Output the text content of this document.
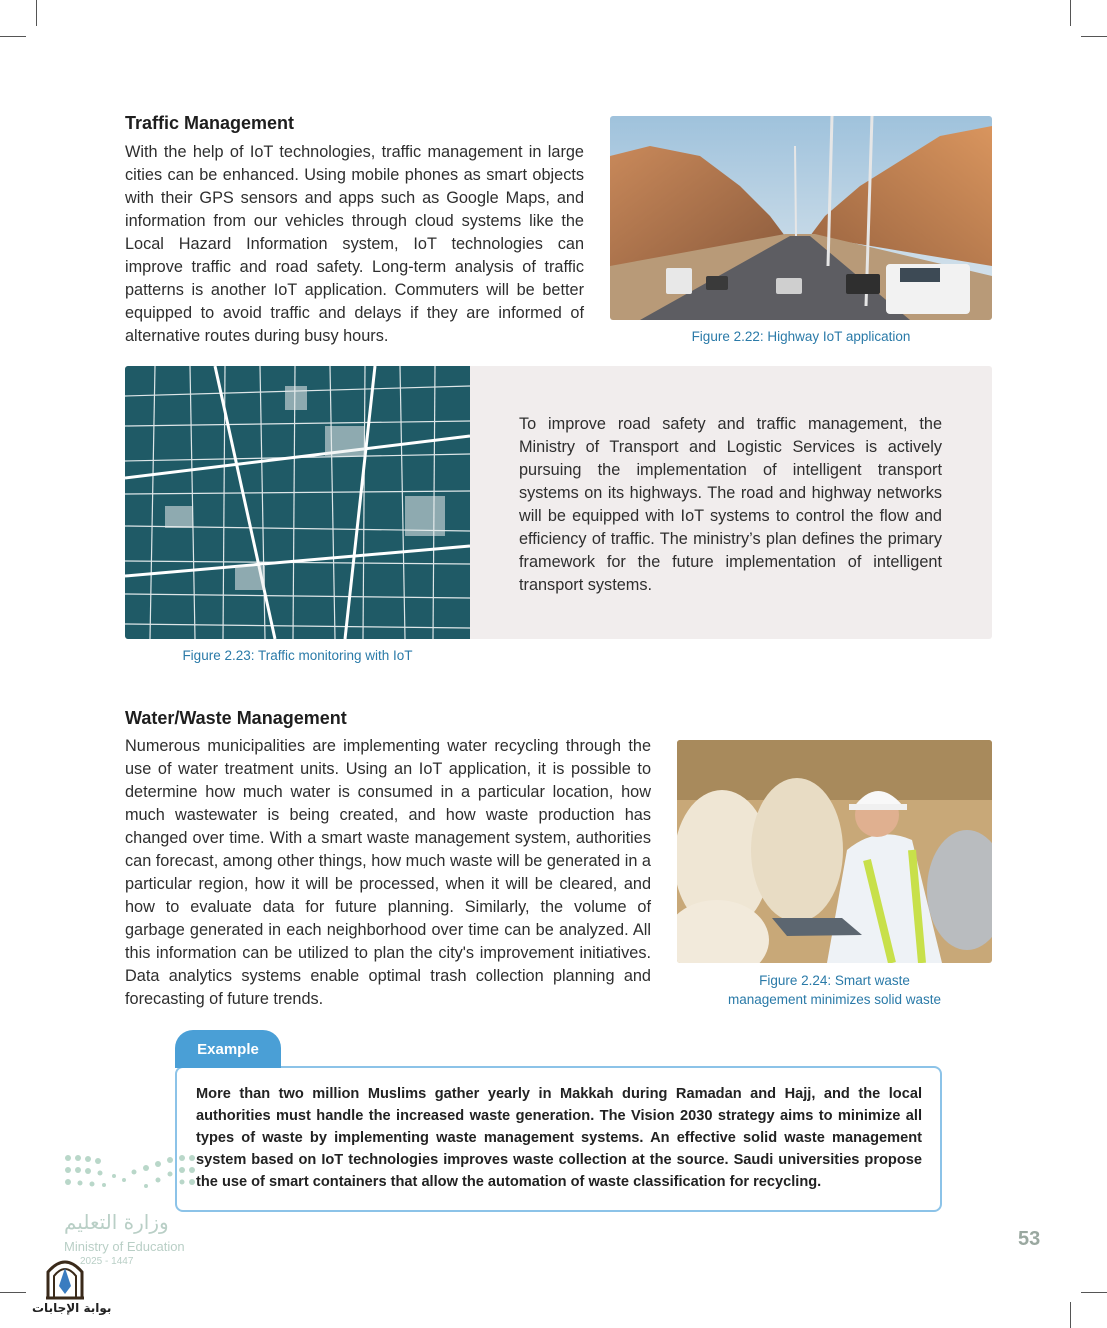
Traffic Management

With the help of IoT technologies, traffic management in large cities can be enhanced. Using mobile phones as smart objects with their GPS sensors and apps such as Google Maps, and information from our vehicles through cloud systems like the Local Hazard Information system, IoT technologies can improve traffic and road safety. Long-term analysis of traffic patterns is another IoT application. Commuters will be better equipped to avoid traffic and delays if they are informed of alternative routes during busy hours.	Figure 2.22: Highway IoT application

To improve road safety and traffic management, the Ministry of Transport and Logistic Services is actively pursuing the implementation of intelligent transport systems on its highways. The road and highway networks will be equipped with IoT systems to control the flow and efficiency of traffic. The ministry’s plan defines the primary framework for the future implementation of intelligent transport systems.

Figure 2.23: Traffic monitoring with IoT
Water/Waste Management

Numerous municipalities are implementing water recycling through the use of water treatment units. Using an IoT application, it is possible to determine how much water is consumed in a particular location, how much wastewater is being created, and how waste production has changed over time. With a smart waste management system, authorities can forecast, among other things, how much waste will be generated in a particular region, how it will be processed, when it will be cleared, and how to evaluate data for future planning. Similarly, the volume of garbage generated in each neighborhood over time can be analyzed. All this information can be utilized to plan the city's improvement initiatives. Data analytics systems enable optimal trash collection planning and forecasting of future trends.

Figure 2.24: Smart waste
management minimizes solid waste
Example

More than two million Muslims gather yearly in Makkah during Ramadan and Hajj, and the local authorities must handle the increased waste generation. The Vision 2030 strategy aims to minimize all types of waste by implementing waste management systems. An effective solid waste management system based on IoT technologies improves waste collection at the source. Saudi universities propose the use of smart containers that allow the automation of waste classification for recycling.

وزارة التعليم
Ministry of Education
2025 - 1447
بوابة الإجابات
53
